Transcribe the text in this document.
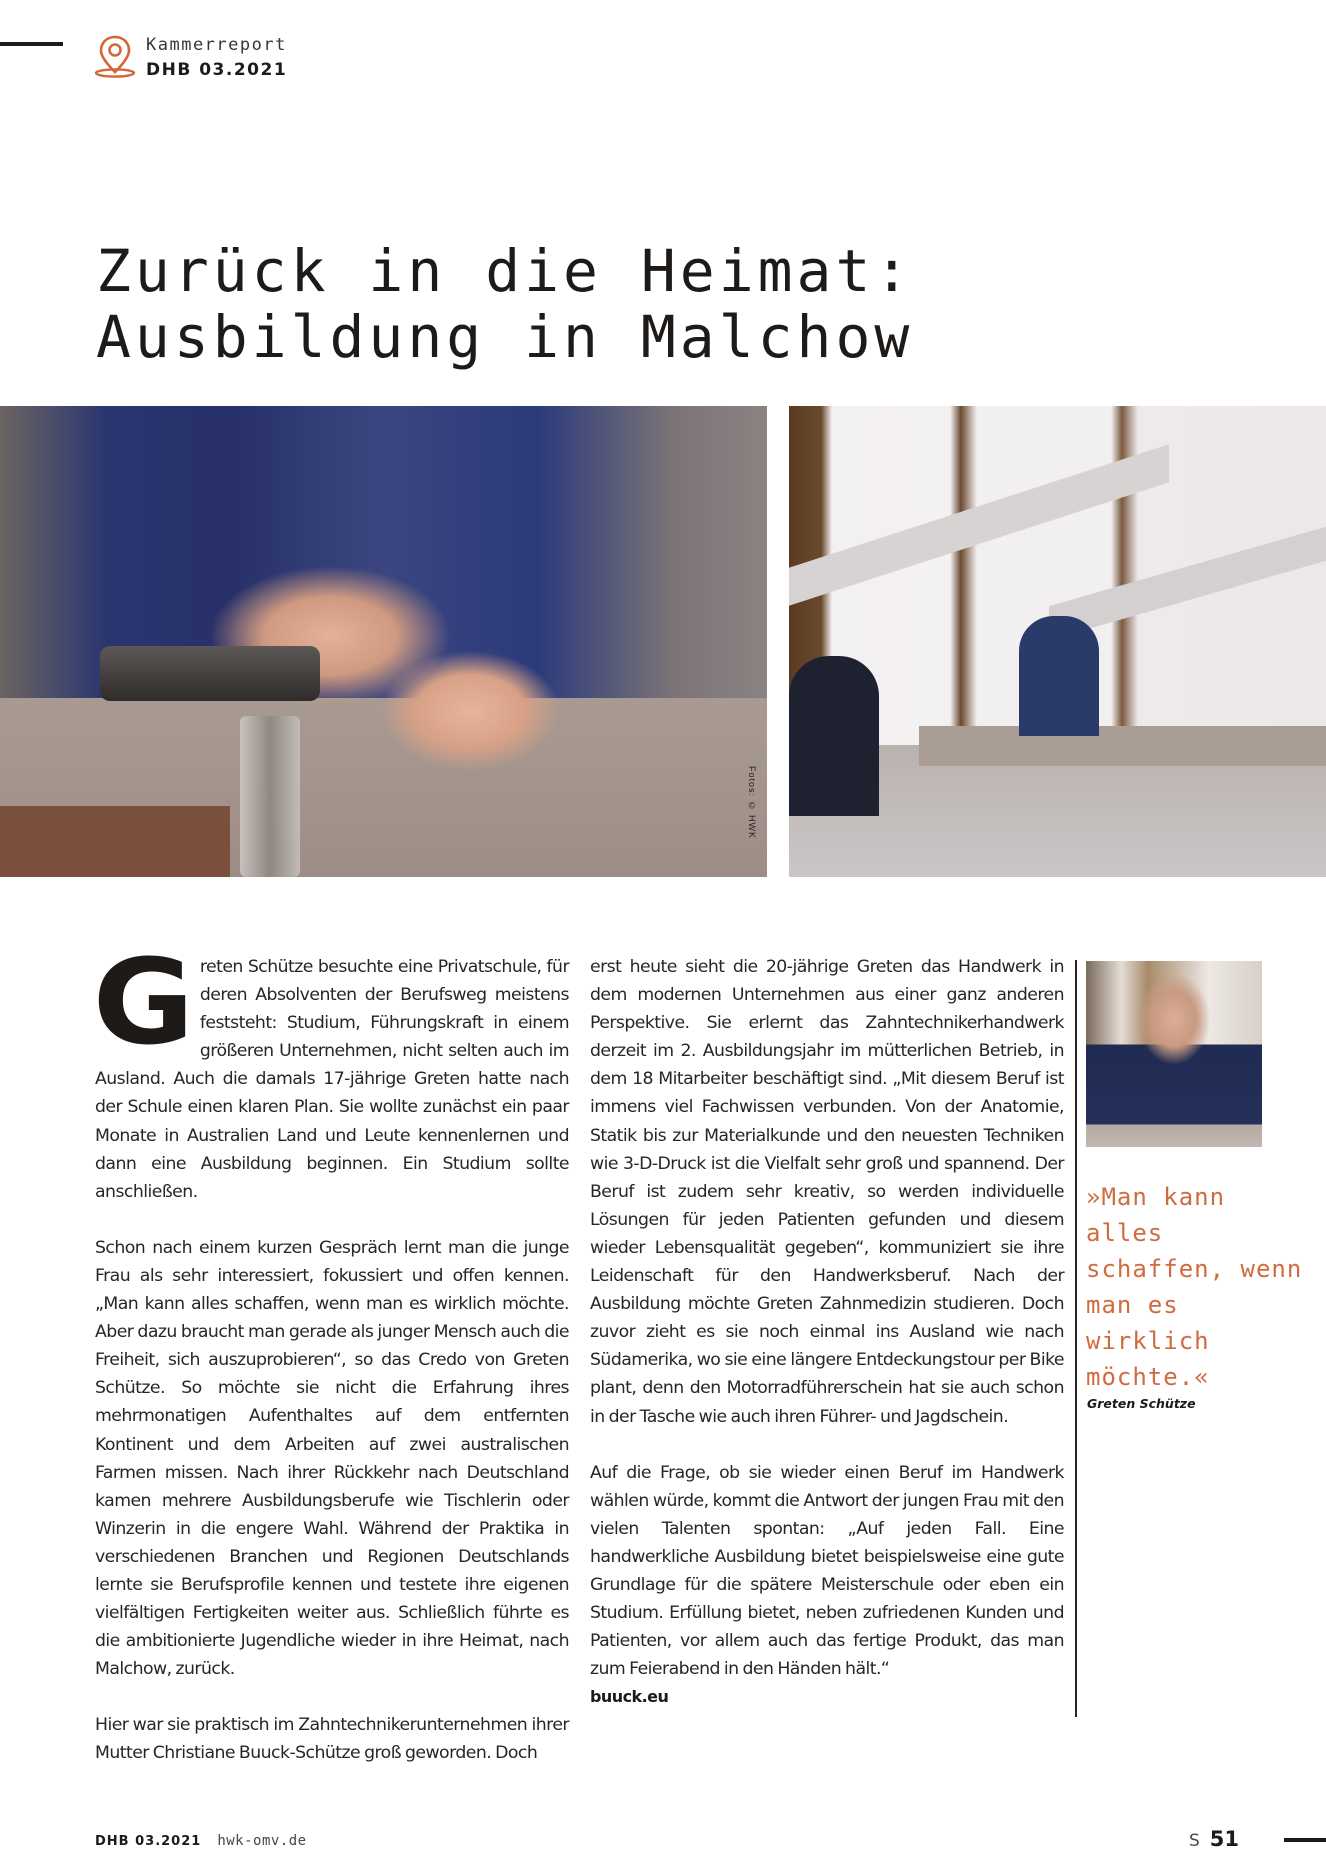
Kammerreport
DHB 03.2021
Zurück in die Heimat:
Ausbildung in Malchow
Fotos: © HWK

Greten Schütze besuchte eine Privatschule, für deren Absolventen der Berufsweg meistens feststeht: Studium, Führungskraft in einem größeren Unternehmen, nicht selten auch im Ausland. Auch die damals 17-jährige Greten hatte nach der Schule einen klaren Plan. Sie wollte zunächst ein paar Monate in Australien Land und Leute kennenlernen und dann eine Ausbildung beginnen. Ein Studium sollte anschließen.

Schon nach einem kurzen Gespräch lernt man die junge Frau als sehr interessiert, fokussiert und offen kennen. „Man kann alles schaffen, wenn man es wirklich möchte. Aber dazu braucht man gerade als junger Mensch auch die Freiheit, sich auszuprobieren“, so das Credo von Greten Schütze. So möchte sie nicht die Erfahrung ihres mehrmonatigen Aufenthaltes auf dem entfernten Kontinent und dem Arbeiten auf zwei australischen Farmen missen. Nach ihrer Rückkehr nach Deutschland kamen mehrere Ausbildungsberufe wie Tischlerin oder Winzerin in die engere Wahl. Während der Praktika in verschiedenen Branchen und Regionen Deutschlands lernte sie Berufsprofile kennen und testete ihre eigenen vielfältigen Fertigkeiten weiter aus. Schließlich führte es die ambitionierte Jugendliche wieder in ihre Heimat, nach Malchow, zurück.

Hier war sie praktisch im Zahntechnikerunternehmen ihrer Mutter Christiane Buuck-Schütze groß geworden. Doch

erst heute sieht die 20-jährige Greten das Handwerk in dem modernen Unternehmen aus einer ganz anderen Perspektive. Sie erlernt das Zahntechnikerhandwerk derzeit im 2. Ausbildungsjahr im mütterlichen Betrieb, in dem 18 Mitarbeiter beschäftigt sind. „Mit diesem Beruf ist immens viel Fachwissen verbunden. Von der Anatomie, Statik bis zur Materialkunde und den neuesten Techniken wie 3-D-Druck ist die Vielfalt sehr groß und spannend. Der Beruf ist zudem sehr kreativ, so werden individuelle Lösungen für jeden Patienten gefunden und diesem wieder Lebensqualität gegeben“, kommuniziert sie ihre Leidenschaft für den Handwerksberuf. Nach der Ausbildung möchte Greten Zahnmedizin studieren. Doch zuvor zieht es sie noch einmal ins Ausland wie nach Südamerika, wo sie eine längere Entdeckungstour per Bike plant, denn den Motorradführerschein hat sie auch schon in der Tasche wie auch ihren Führer- und Jagdschein.

Auf die Frage, ob sie wieder einen Beruf im Handwerk wählen würde, kommt die Antwort der jungen Frau mit den vielen Talenten spontan: „Auf jeden Fall. Eine handwerkliche Ausbildung bietet beispielsweise eine gute Grundlage für die spätere Meisterschule oder eben ein Studium. Erfüllung bietet, neben zufriedenen Kunden und Patienten, vor allem auch das fertige Produkt, das man zum Feierabend in den Händen hält.“

buuck.eu
»Man kann alles schaffen, wenn man es wirklich möchte.«
Greten Schütze
DHB 03.2021 hwk-omv.de	S 51
